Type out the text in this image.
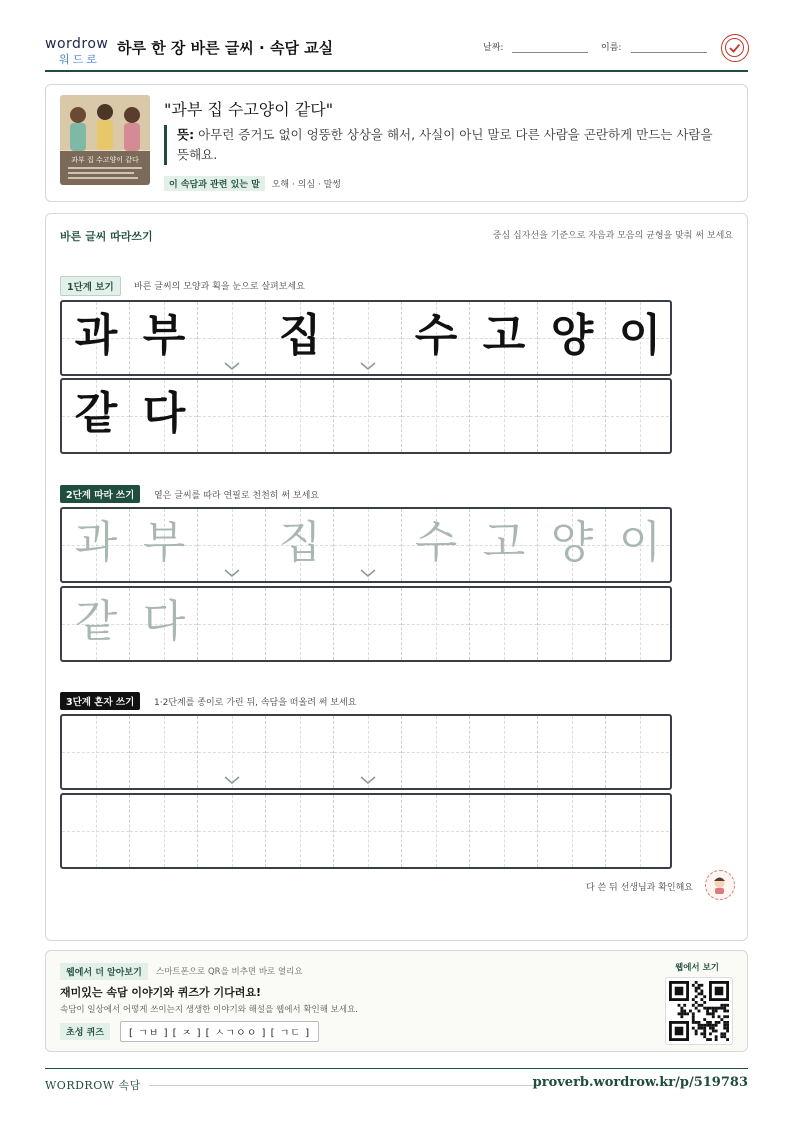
wordrow
워드로
하루 한 장 바른 글씨 · 속담 교실	날짜:	이름:
과부 집 수고양이 같다
"과부 집 수고양이 같다"
뜻: 아무런 증거도 없이 엉뚱한 상상을 해서, 사실이 아닌 말로 다른 사람을 곤란하게 만드는 사람을 뜻해요.
이 속담과 관련 있는 말 오해 · 의심 · 말썽
바른 글씨 따라쓰기	중심 십자선을 기준으로 자음과 모음의 균형을 맞춰 써 보세요
1단계 보기	바른 글씨의 모양과 획을 눈으로 살펴보세요
2단계 따라 쓰기	옅은 글씨를 따라 연필로 천천히 써 보세요
3단계 혼자 쓰기	1·2단계를 종이로 가린 뒤, 속담을 떠올려 써 보세요
다 쓴 뒤 선생님과 확인해요
과 부 집 수 고 양 이
같 다
과 부 집 수 고 양 이
같 다
웹에서 더 알아보기	스마트폰으로 QR을 비추면 바로 열리요
재미있는 속담 이야기와 퀴즈가 기다려요!
속담이 일상에서 어떻게 쓰이는지 생생한 이야기와 해설을 웹에서 확인해 보세요.
초성 퀴즈	[ ㄱㅂ ] [ ㅈ ] [ ㅅㄱㅇㅇ ] [ ㄱㄷ ]
웹에서 보기
WORDROW 속담	proverb.wordrow.kr/p/519783
